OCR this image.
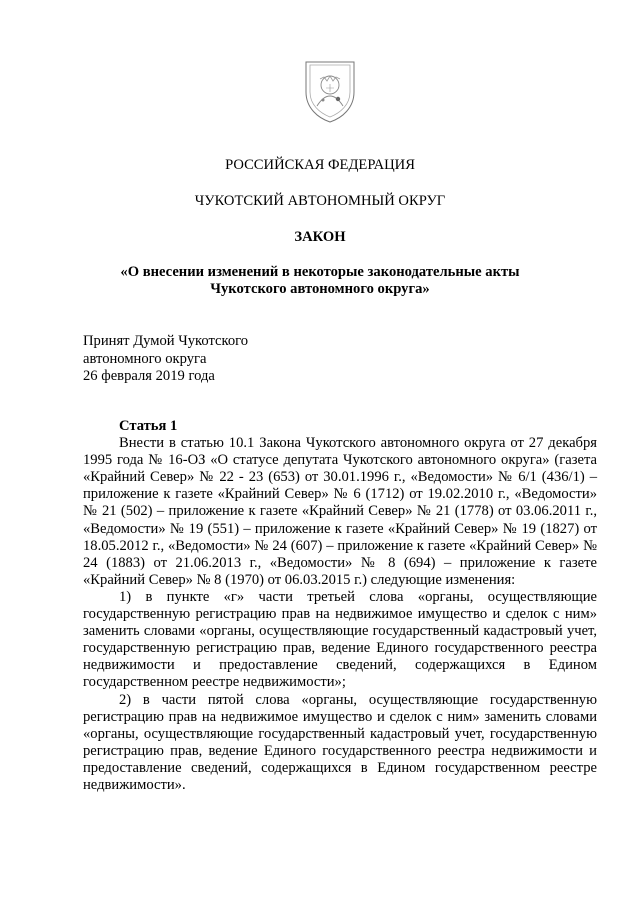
РОССИЙСКАЯ ФЕДЕРАЦИЯ
ЧУКОТСКИЙ АВТОНОМНЫЙ ОКРУГ
ЗАКОН
«О внесении изменений в некоторые законодательные акты
Чукотского автономного округа»
Принят Думой Чукотского
автономного округа
26 февраля 2019 года
Статья 1

Внести в статью 10.1 Закона Чукотского автономного округа от 27 декабря 1995 года № 16-ОЗ «О статусе депутата Чукотского автономного округа» (газета «Крайний Север» № 22 - 23 (653) от 30.01.1996 г., «Ведомости» № 6/1 (436/1) – приложение к газете «Крайний Север» № 6 (1712) от 19.02.2010 г., «Ведомости» № 21 (502) – приложение к газете «Крайний Север» № 21 (1778) от 03.06.2011 г., «Ведомости» № 19 (551) – приложение к газете «Крайний Север» № 19 (1827) от 18.05.2012 г., «Ведомости» № 24 (607) – приложение к газете «Крайний Север» № 24 (1883) от 21.06.2013 г., «Ведомости» № 8 (694) – приложение к газете «Крайний Север» № 8 (1970) от 06.03.2015 г.) следующие изменения:

1) в пункте «г» части третьей слова «органы, осуществляющие государственную регистрацию прав на недвижимое имущество и сделок с ним» заменить словами «органы, осуществляющие государственный кадастровый учет, государственную регистрацию прав, ведение Единого государственного реестра недвижимости и предоставление сведений, содержащихся в Едином государственном реестре недвижимости»;

2) в части пятой слова «органы, осуществляющие государственную регистрацию прав на недвижимое имущество и сделок с ним» заменить словами «органы, осуществляющие государственный кадастровый учет, государственную регистрацию прав, ведение Единого государственного реестра недвижимости и предоставление сведений, содержащихся в Едином государственном реестре недвижимости».
